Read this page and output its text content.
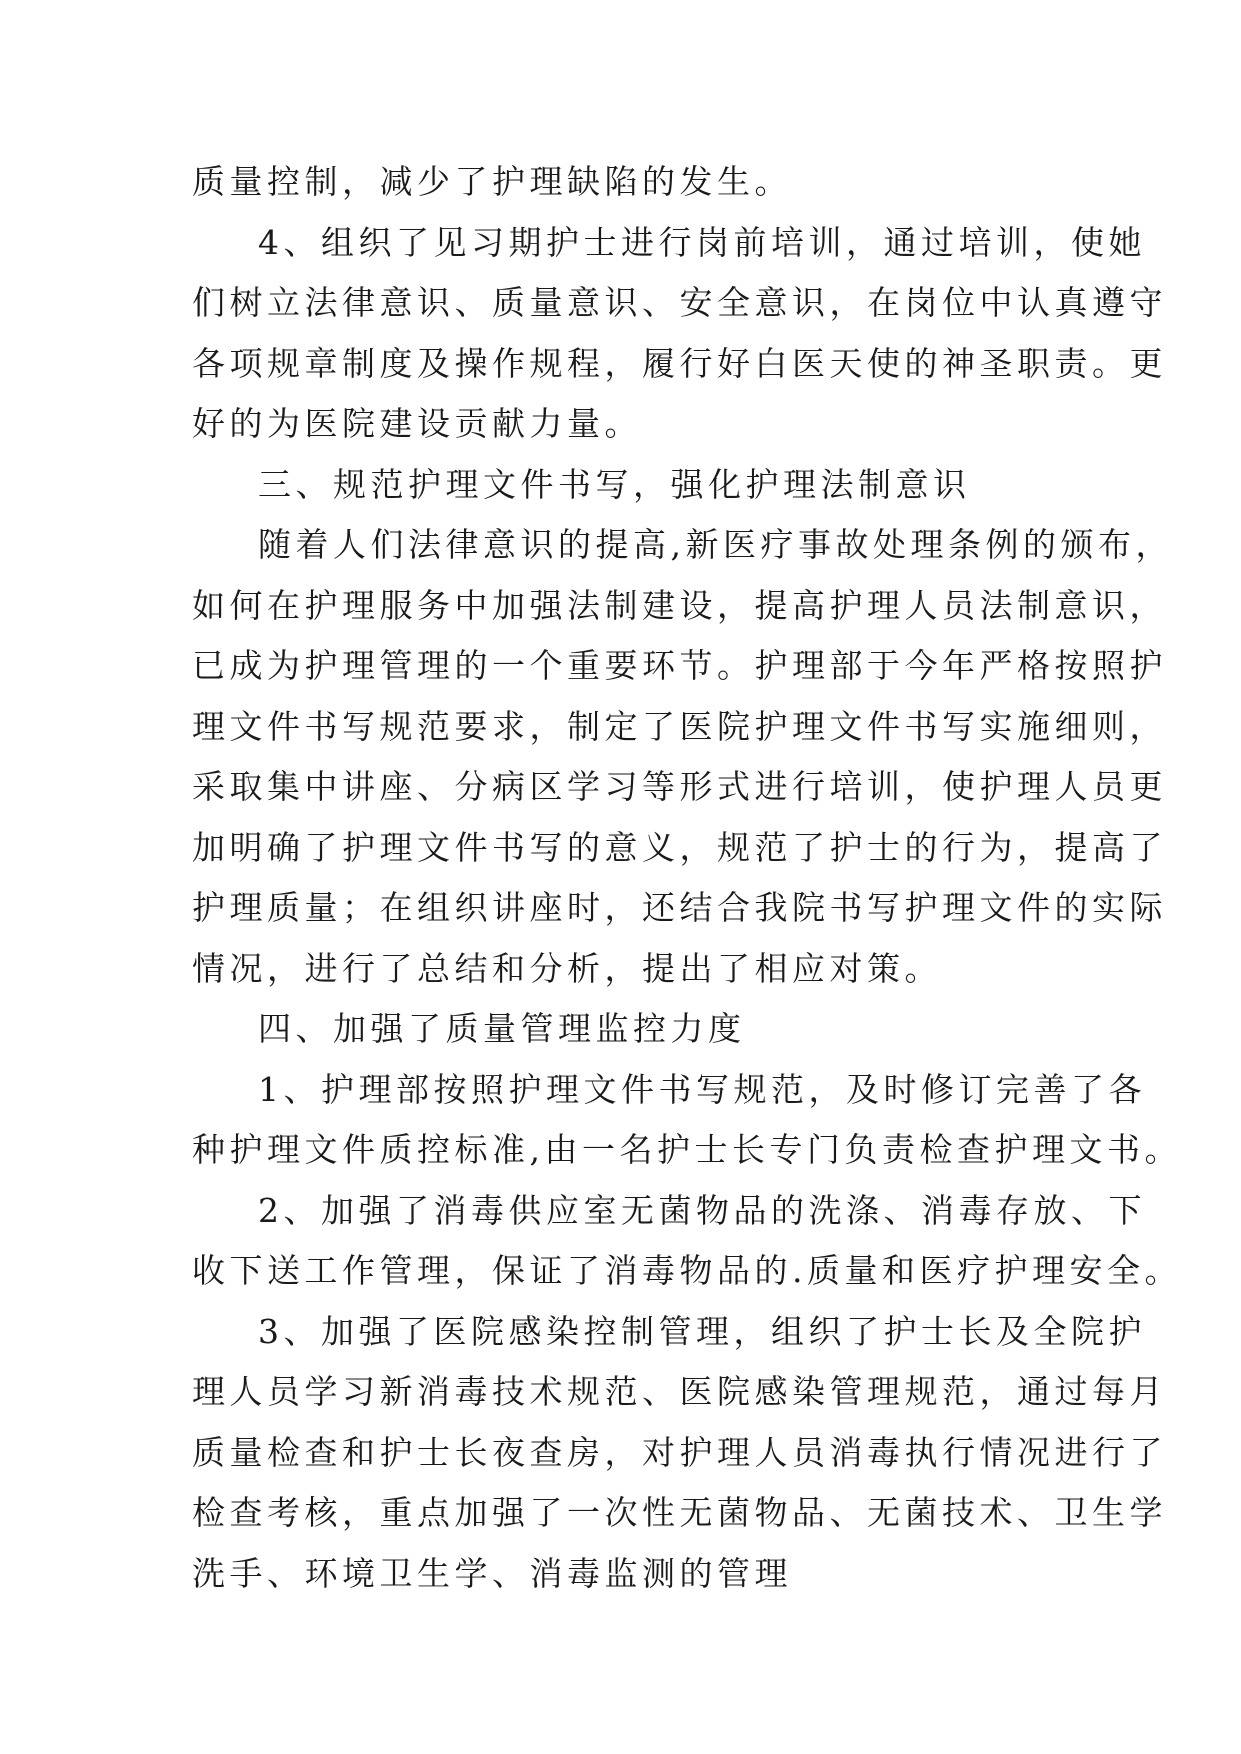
质量控制，减少了护理缺陷的发生。
4、组织了见习期护士进行岗前培训，通过培训，使她
们树立法律意识、质量意识、安全意识，在岗位中认真遵守
各项规章制度及操作规程，履行好白医天使的神圣职责。更
好的为医院建设贡献力量。
三、规范护理文件书写，强化护理法制意识
随着人们法律意识的提高,新医疗事故处理条例的颁布，
如何在护理服务中加强法制建设，提高护理人员法制意识，
已成为护理管理的一个重要环节。护理部于今年严格按照护
理文件书写规范要求，制定了医院护理文件书写实施细则，
采取集中讲座、分病区学习等形式进行培训，使护理人员更
加明确了护理文件书写的意义，规范了护士的行为，提高了
护理质量；在组织讲座时，还结合我院书写护理文件的实际
情况，进行了总结和分析，提出了相应对策。
四、加强了质量管理监控力度
1、护理部按照护理文件书写规范，及时修订完善了各
种护理文件质控标准,由一名护士长专门负责检查护理文书。
2、加强了消毒供应室无菌物品的洗涤、消毒存放、下
收下送工作管理，保证了消毒物品的.质量和医疗护理安全。
3、加强了医院感染控制管理，组织了护士长及全院护
理人员学习新消毒技术规范、医院感染管理规范，通过每月
质量检查和护士长夜查房，对护理人员消毒执行情况进行了
检查考核，重点加强了一次性无菌物品、无菌技术、卫生学
洗手、环境卫生学、消毒监测的管理
